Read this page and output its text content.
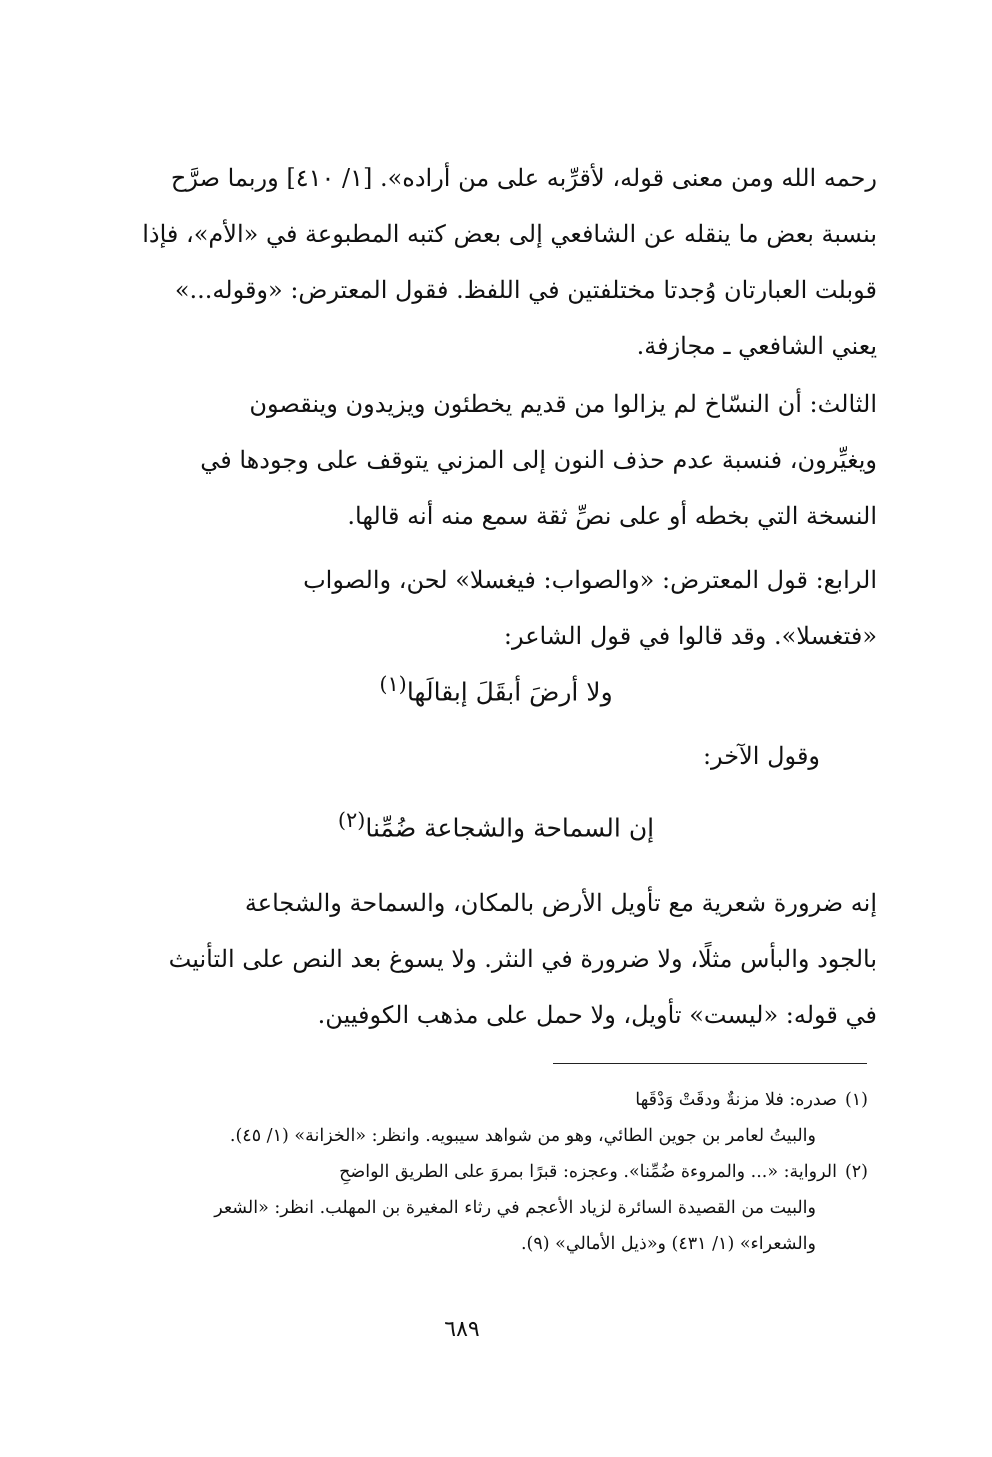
رحمه الله ومن معنى قوله، لأقرِّبه على من أراده». [١/ ٤١٠] وربما صرَّح
بنسبة بعض ما ينقله عن الشافعي إلى بعض كتبه المطبوعة في «الأم»، فإذا
قوبلت العبارتان وُجدتا مختلفتين في اللفظ. فقول المعترض: «وقوله...»
يعني الشافعي ـ مجازفة.
الثالث: أن النسّاخ لم يزالوا من قديم يخطئون ويزيدون وينقصون
ويغيِّرون، فنسبة عدم حذف النون إلى المزني يتوقف على وجودها في
النسخة التي بخطه أو على نصِّ ثقة سمع منه أنه قالها.
الرابع: قول المعترض: «والصواب: فيغسلا» لحن، والصواب
«فتغسلا». وقد قالوا في قول الشاعر:
ولا أرضَ أبقَلَ إبقالَها$^{(١)}$
وقول الآخر:
إن السماحة والشجاعة ضُمِّنا$^{(٢)}$
إنه ضرورة شعرية مع تأويل الأرض بالمكان، والسماحة والشجاعة
بالجود والبأس مثلًا، ولا ضرورة في النثر. ولا يسوغ بعد النص على التأنيث
في قوله: «ليست» تأويل، ولا حمل على مذهب الكوفيين.
(١)صدره: فلا مزنةٌ ودقَتْ وَدْقَها
والبيتُ لعامر بن جوين الطائي، وهو من شواهد سيبويه. وانظر: «الخزانة» (١/ ٤٥).
(٢)الرواية: «... والمروءة ضُمِّنا». وعجزه: قبرًا بمروَ على الطريق الواضحِ
والبيت من القصيدة السائرة لزياد الأعجم في رثاء المغيرة بن المهلب. انظر: «الشعر
والشعراء» (١/ ٤٣١) و«ذيل الأمالي» (٩).
٦٨٩
